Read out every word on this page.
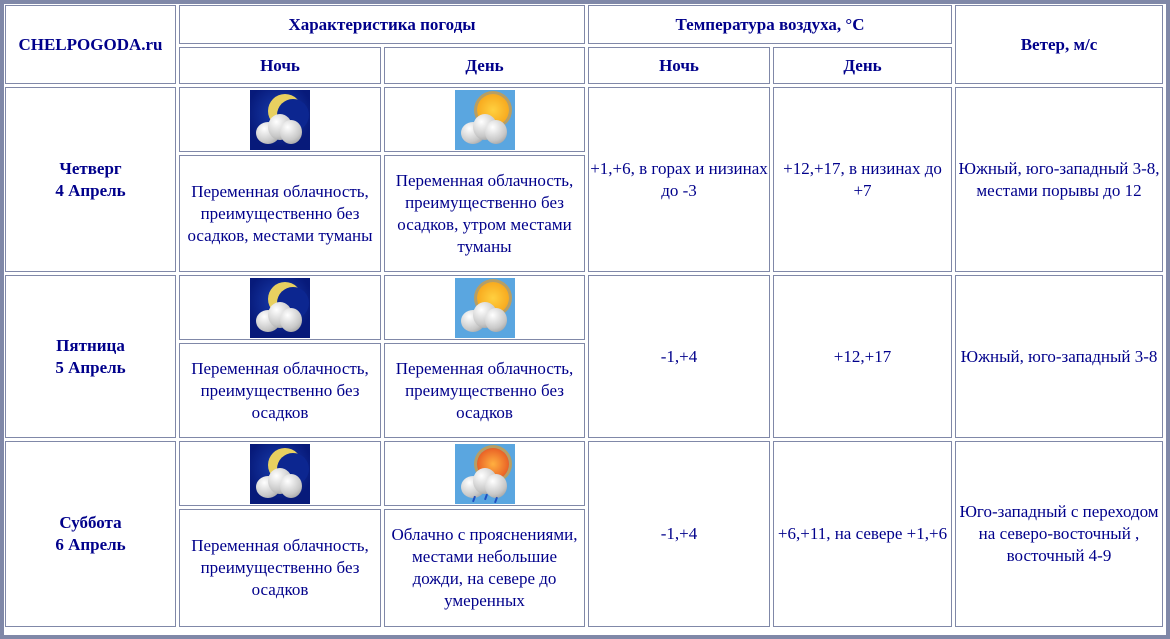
CHELPOGODA.ru	Характеристика погоды		Температура воздуха, °С		Ветер, м/с
	Ночь	День	Ночь	День	
Четверг
4 Апрель			+1,+6, в горах и низинах до -3	+12,+17, в низинах до +7	Южный, юго-западный 3-8, местами порывы до 12
	Переменная облачность, преимущественно без осадков, местами туманы	Переменная облачность, преимущественно без осадков, утром местами туманы			
Пятница
5 Апрель			-1,+4	+12,+17	Южный, юго-западный 3-8
	Переменная облачность, преимущественно без осадков	Переменная облачность, преимущественно без осадков			
Суббота
6 Апрель			-1,+4	+6,+11, на севере +1,+6	Юго-западный с переходом на северо-восточный , восточный 4-9
	Переменная облачность, преимущественно без осадков	Облачно с прояснениями, местами небольшие дожди, на севере до умеренных			
